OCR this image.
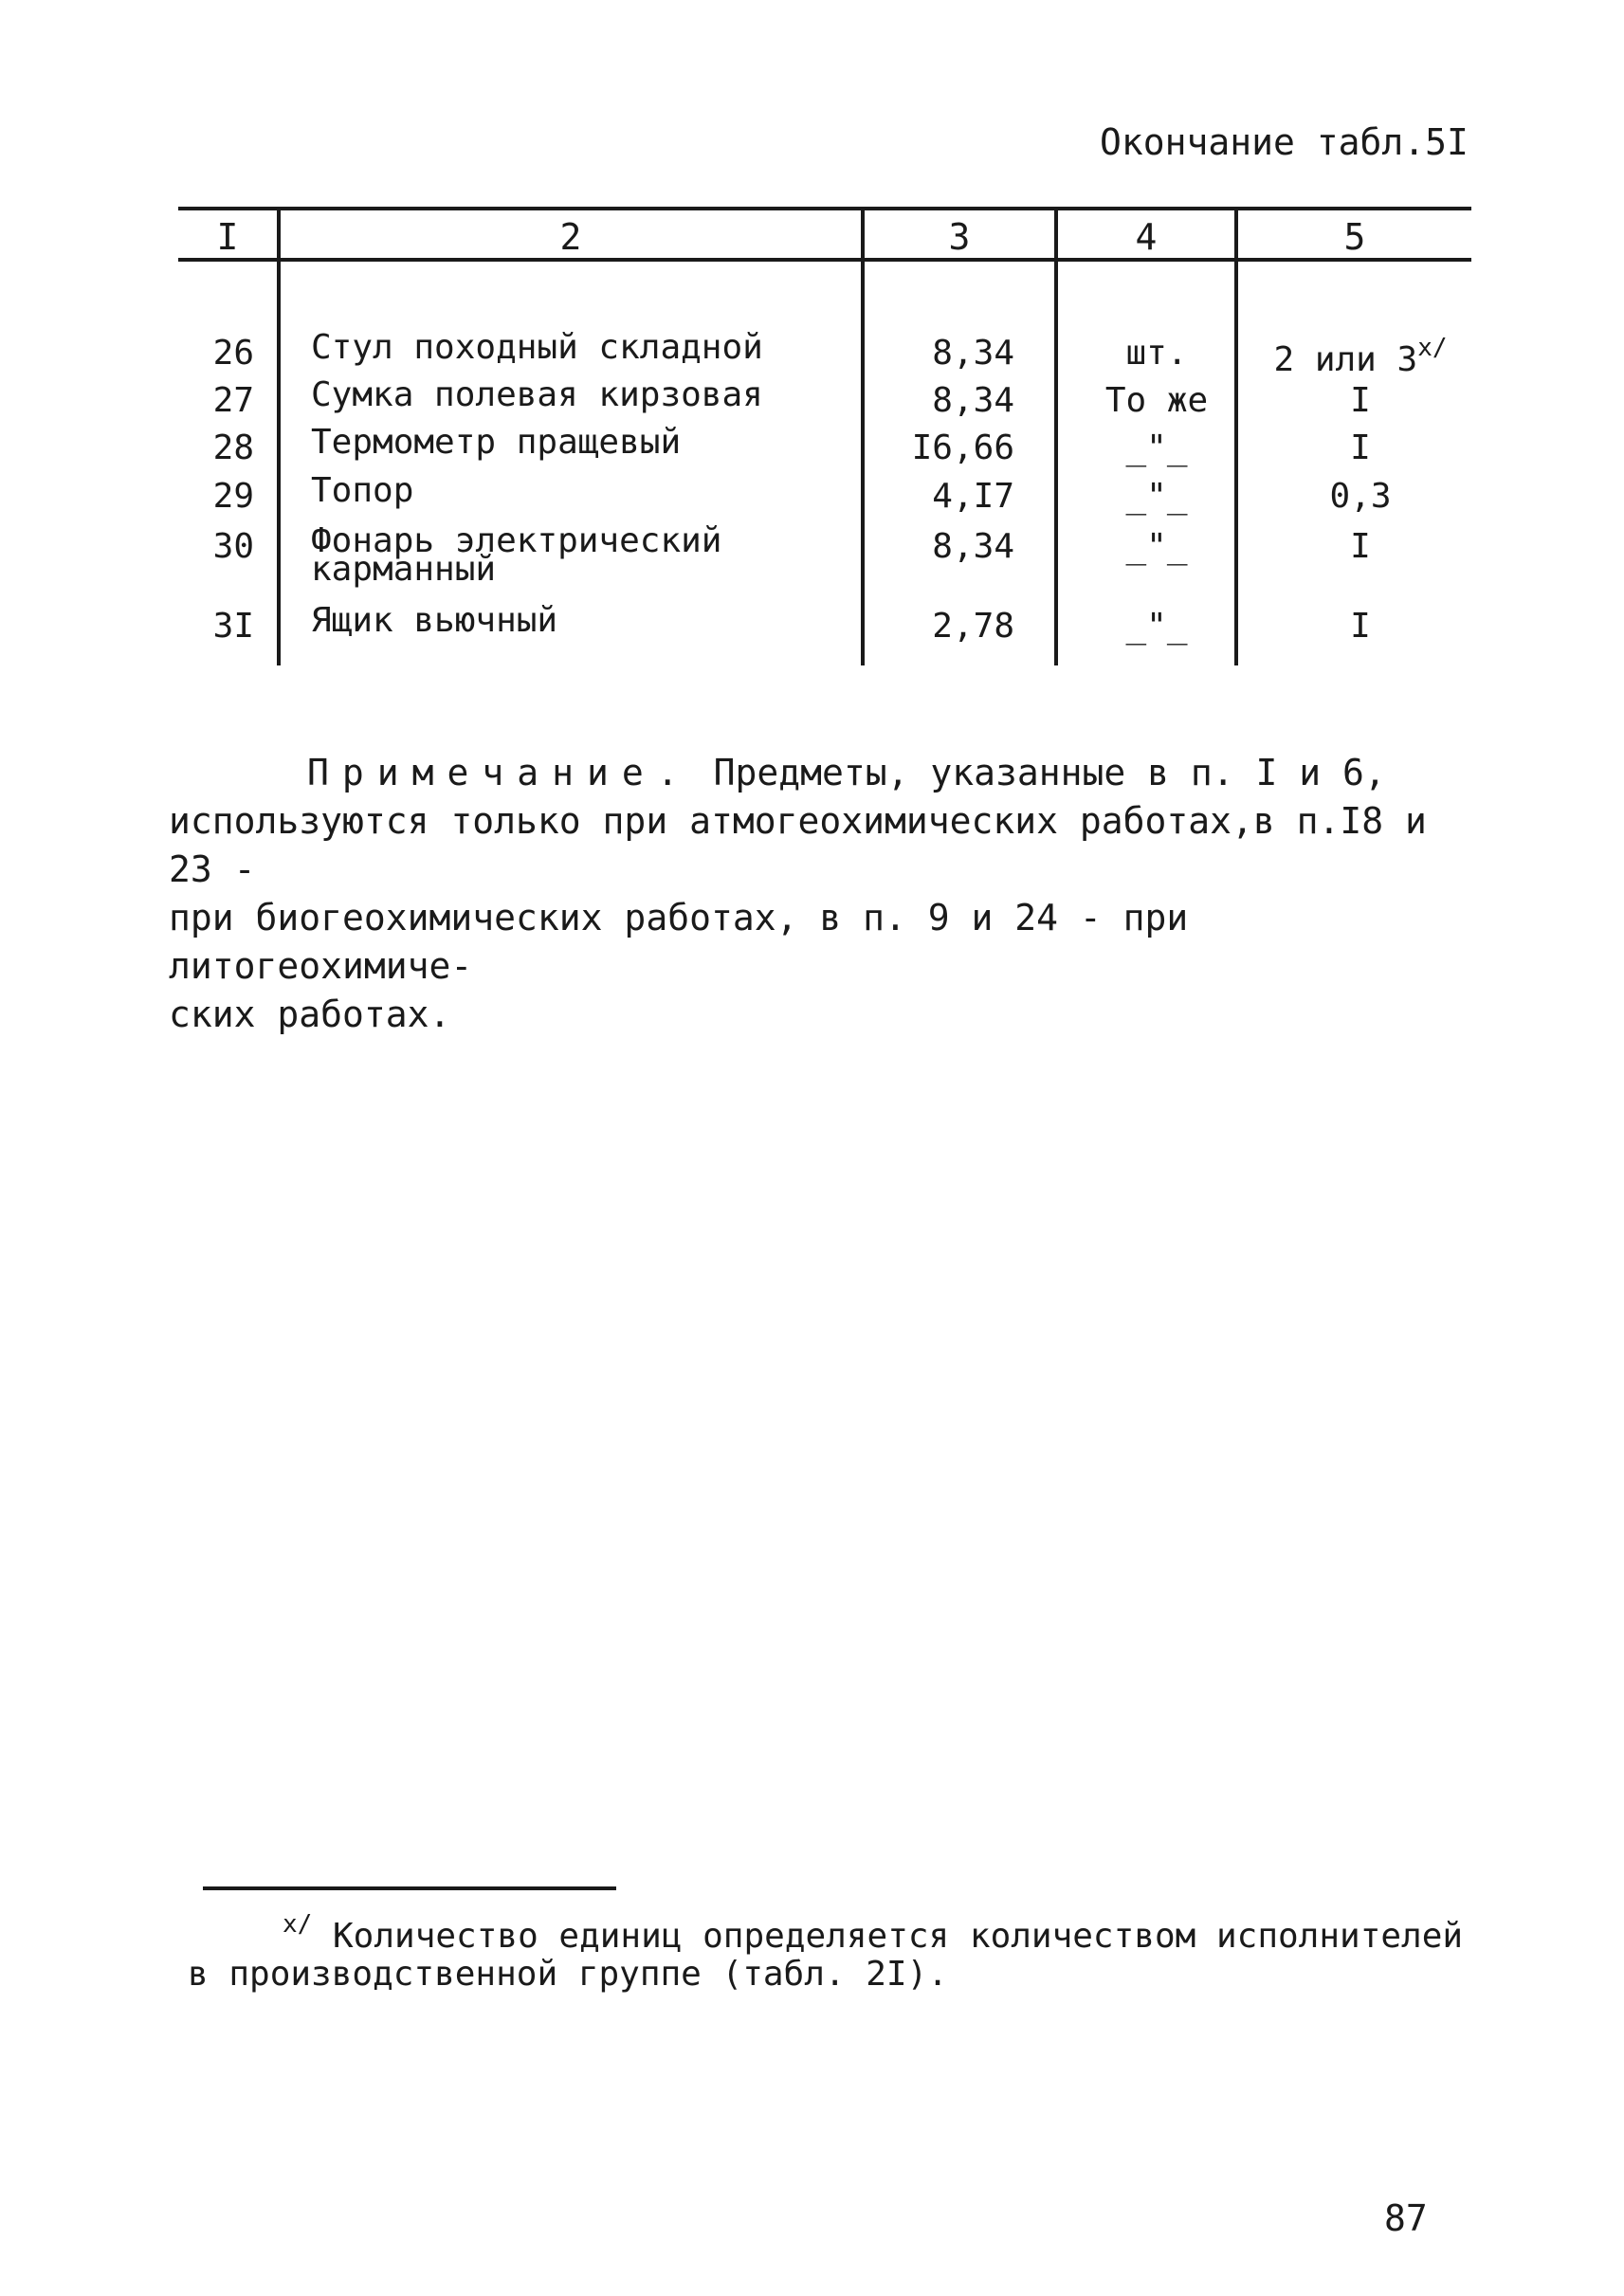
Окончание табл.5I
I	2	3	4	5
26 Стул походный складной	8,34	шт.	2 или $3^{x/}$
27 Сумка полевая кирзовая	8,34	То же	I
28 Термометр пращевый	I6,66	_"_	I
29 Топор	4,I7	_"_	0,3
30 Фонарь электрический
карманный
8,34	_"_	I
3I Ящик вьючный	2,78	_"_	I

Примечание. Предметы, указанные в п. I и 6,

используются только при атмогеохимических работах,в п.I8 и 23 -

при биогеохимических работах, в п. 9 и 24 - при литогеохимиче-

ских работах.

$^{x/}$ Количество единиц определяется количеством исполнителей
в производственной группе (табл. 2I).
87
